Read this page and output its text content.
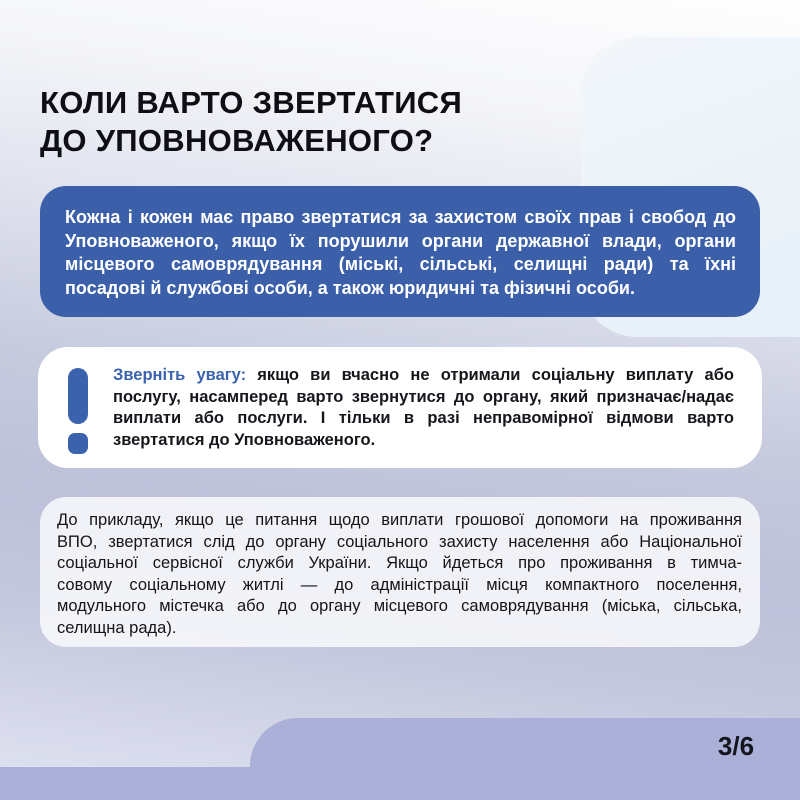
КОЛИ ВАРТО ЗВЕРТАТИСЯ
ДО УПОВНОВАЖЕНОГО?
Кожна і кожен має право звертатися за захистом своїх прав і свобод до
Уповноваженого, якщо їх порушили органи державної влади, органи
місцевого самоврядування (міські, сільські, селищні ради) та їхні
посадові й службові особи, а також юридичні та фізичні особи.
Зверніть увагу: якщо ви вчасно не отримали соціальну виплату або
послугу, насамперед варто звернутися до органу, який призначає/надає
виплати або послуги. І тільки в разі неправомірної відмови варто
звертатися до Уповноваженого.
До прикладу, якщо це питання щодо виплати грошової допомоги на проживання
ВПО, звертатися слід до органу соціального захисту населення або Національної
соціальної сервісної служби України. Якщо йдеться про проживання в тимча-
совому соціальному житлі — до адміністрації місця компактного поселення,
модульного містечка або до органу місцевого самоврядування (міська, сільська,
селищна рада).
3/6
